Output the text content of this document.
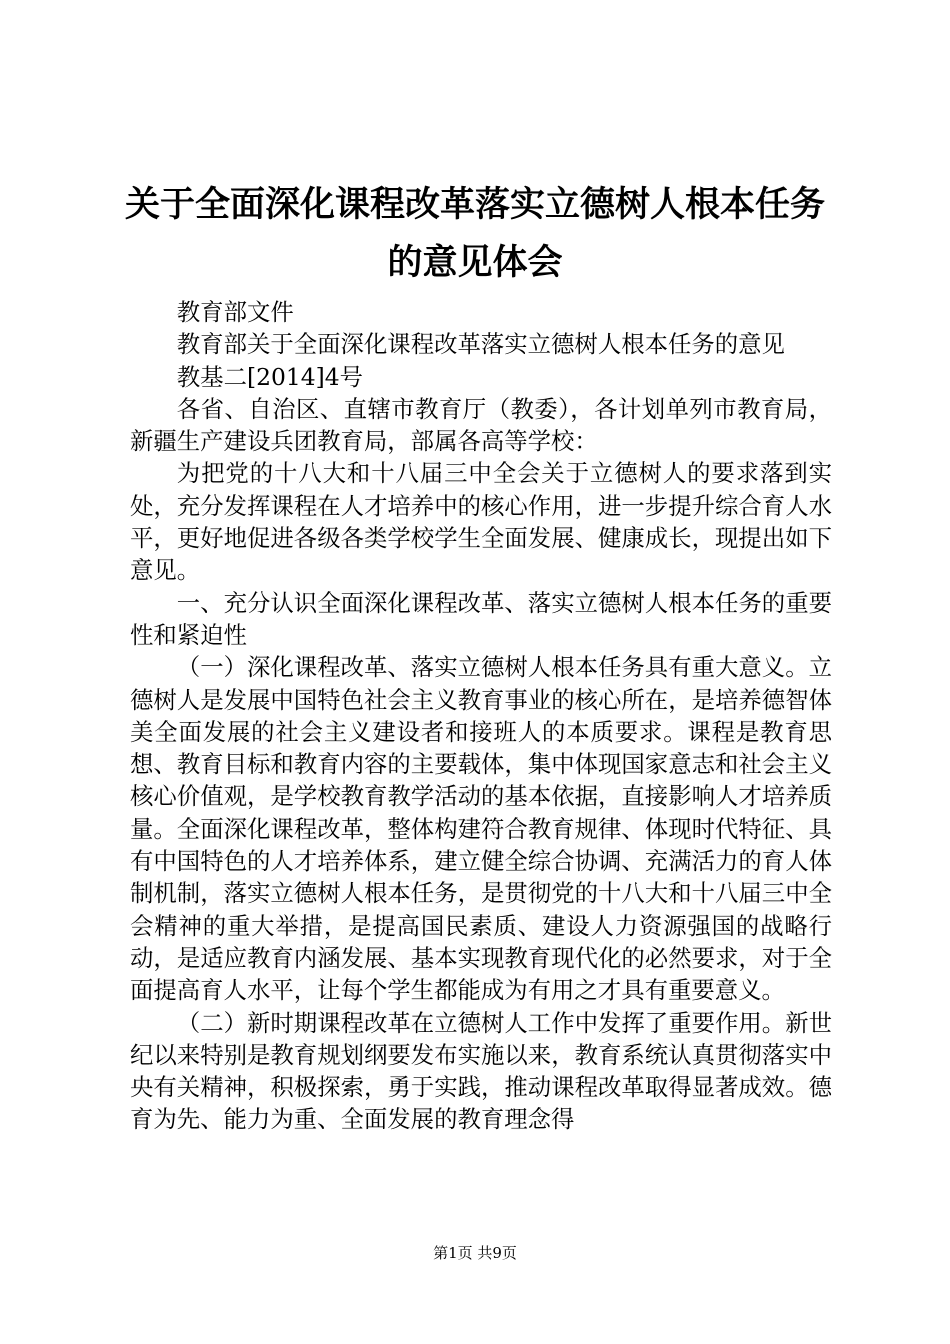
关于全面深化课程改革落实立德树人根本任务
的意见体会

教育部文件

教育部关于全面深化课程改革落实立德树人根本任务的意见

教基二[2014]4号

各省、自治区、直辖市教育厅（教委），各计划单列市教育局，新疆生产建设兵团教育局，部属各高等学校：

为把党的十八大和十八届三中全会关于立德树人的要求落到实处，充分发挥课程在人才培养中的核心作用，进一步提升综合育人水平，更好地促进各级各类学校学生全面发展、健康成长，现提出如下意见。

一、充分认识全面深化课程改革、落实立德树人根本任务的重要性和紧迫性

（一）深化课程改革、落实立德树人根本任务具有重大意义。立德树人是发展中国特色社会主义教育事业的核心所在，是培养德智体美全面发展的社会主义建设者和接班人的本质要求。课程是教育思想、教育目标和教育内容的主要载体，集中体现国家意志和社会主义核心价值观，是学校教育教学活动的基本依据，直接影响人才培养质量。全面深化课程改革，整体构建符合教育规律、体现时代特征、具有中国特色的人才培养体系，建立健全综合协调、充满活力的育人体制机制，落实立德树人根本任务，是贯彻党的十八大和十八届三中全会精神的重大举措，是提高国民素质、建设人力资源强国的战略行动，是适应教育内涵发展、基本实现教育现代化的必然要求，对于全面提高育人水平，让每个学生都能成为有用之才具有重要意义。

（二）新时期课程改革在立德树人工作中发挥了重要作用。新世纪以来特别是教育规划纲要发布实施以来，教育系统认真贯彻落实中央有关精神，积极探索，勇于实践，推动课程改革取得显著成效。德育为先、能力为重、全面发展的教育理念得

第1页 共9页
